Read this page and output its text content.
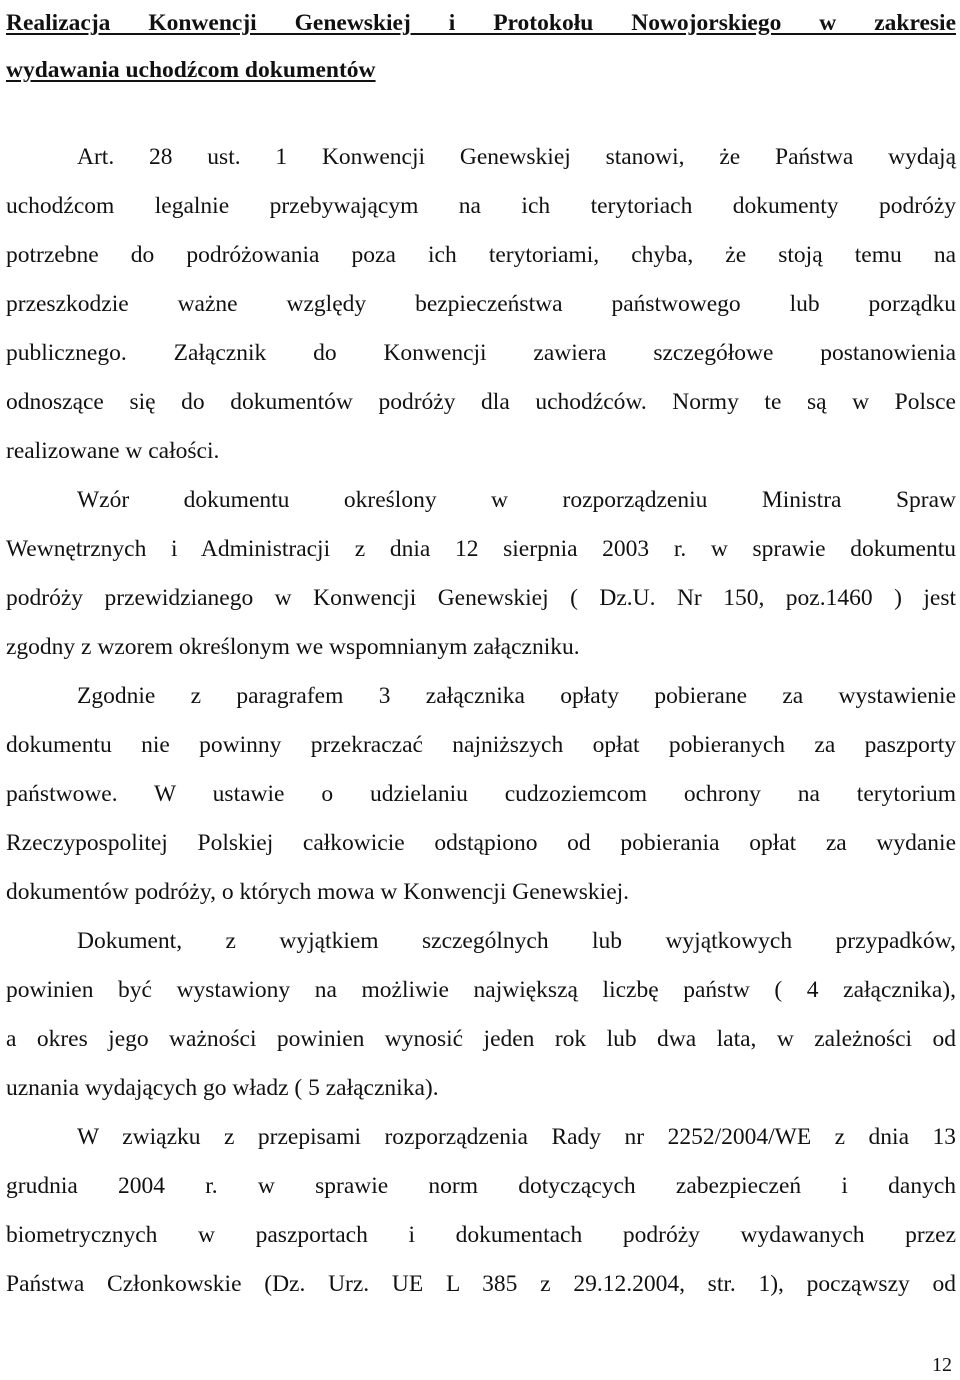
Realizacja Konwencji Genewskiej i Protokołu Nowojorskiego w zakresie
wydawania uchodźcom dokumentów

Art. 28 ust. 1 Konwencji Genewskiej stanowi, że Państwa wydają
uchodźcom legalnie przebywającym na ich terytoriach dokumenty podróży
potrzebne do podróżowania poza ich terytoriami, chyba, że stoją temu na
przeszkodzie ważne względy bezpieczeństwa państwowego lub porządku
publicznego. Załącznik do Konwencji zawiera szczegółowe postanowienia
odnoszące się do dokumentów podróży dla uchodźców. Normy te są w Polsce
realizowane w całości.

Wzór dokumentu określony w rozporządzeniu Ministra Spraw
Wewnętrznych i Administracji z dnia 12 sierpnia 2003 r. w sprawie dokumentu
podróży przewidzianego w Konwencji Genewskiej ( Dz.U. Nr 150, poz.1460 ) jest
zgodny z wzorem określonym we wspomnianym załączniku.

Zgodnie z paragrafem 3 załącznika opłaty pobierane za wystawienie
dokumentu nie powinny przekraczać najniższych opłat pobieranych za paszporty
państwowe. W ustawie o udzielaniu cudzoziemcom ochrony na terytorium
Rzeczypospolitej Polskiej całkowicie odstąpiono od pobierania opłat za wydanie
dokumentów podróży, o których mowa w Konwencji Genewskiej.

Dokument, z wyjątkiem szczególnych lub wyjątkowych przypadków,
powinien być wystawiony na możliwie największą liczbę państw ( 4 załącznika),
a okres jego ważności powinien wynosić jeden rok lub dwa lata, w zależności od
uznania wydających go władz ( 5 załącznika).

W związku z przepisami rozporządzenia Rady nr 2252/2004/WE z dnia 13
grudnia 2004 r. w sprawie norm dotyczących zabezpieczeń i danych
biometrycznych w paszportach i dokumentach podróży wydawanych przez
Państwa Członkowskie (Dz. Urz. UE L 385 z 29.12.2004, str. 1), począwszy od

12
